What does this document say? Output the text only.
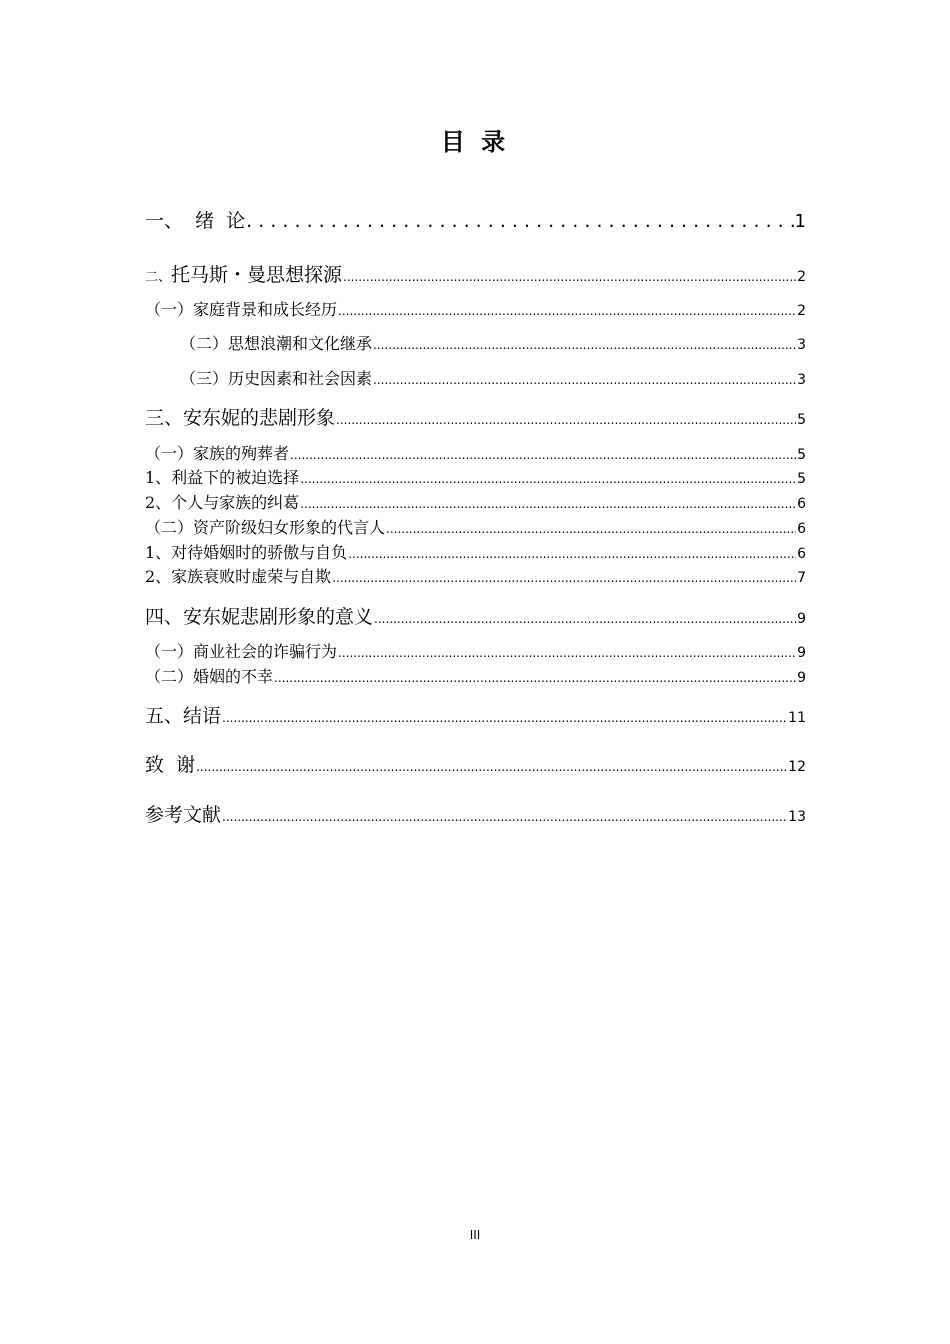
目 录
一、  绪  论 . . .	1
二、托马斯・曼思想探源 .....	2
（一）家庭背景和成长经历 .....	2
（二）思想浪潮和文化继承 .....	3
（三）历史因素和社会因素 .....	3
三、安东妮的悲剧形象 .....	5
（一）家族的殉葬者 .....	5
1、利益下的被迫选择 .....	5
2、个人与家族的纠葛 .....	6
（二）资产阶级妇女形象的代言人 .....	6
1、对待婚姻时的骄傲与自负 .....	6
2、家族衰败时虚荣与自欺 .....	7
四、安东妮悲剧形象的意义 .....	9
（一）商业社会的诈骗行为 .....	9
（二）婚姻的不幸 .....	9
五、结语 .....	11
致  谢 .....	12
参考文献 .....	13
III
